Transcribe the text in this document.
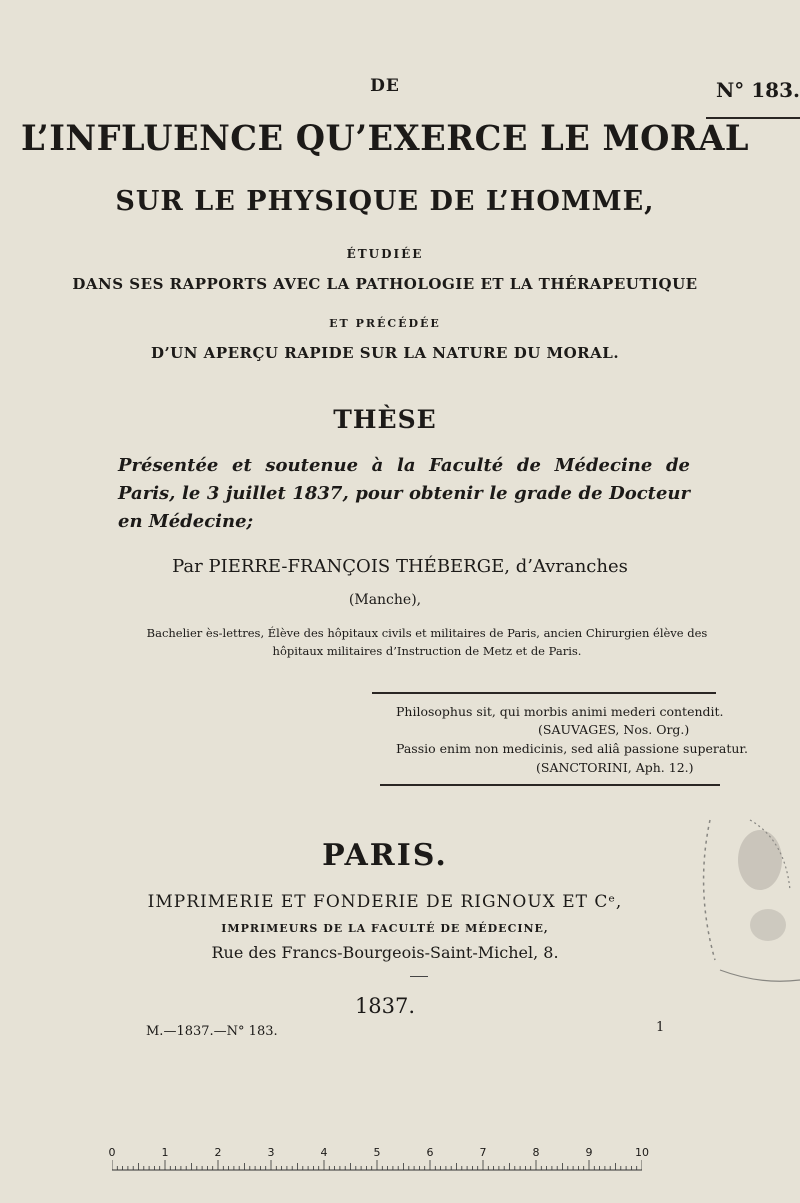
DE	N° 183.
L’INFLUENCE QU’EXERCE LE MORAL
SUR LE PHYSIQUE DE L’HOMME,
ÉTUDIÉE
DANS SES RAPPORTS AVEC LA PATHOLOGIE ET LA THÉRAPEUTIQUE
ET PRÉCÉDÉE
D’UN APERÇU RAPIDE SUR LA NATURE DU MORAL.
THÈSE
Présentée et soutenue à la Faculté de Médecine de Paris, le 3 juillet 1837, pour obtenir le grade de Docteur en Médecine;
Par PIERRE-FRANÇOIS THÉBERGE, d’Avranches
(Manche),
Bachelier ès-lettres, Élève des hôpitaux civils et militaires de Paris, ancien Chirurgien élève des hôpitaux militaires d’Instruction de Metz et de Paris.
Philosophus sit, qui morbis animi mederi contendit.
(SAUVAGES, Nos. Org.)
Passio enim non medicinis, sed aliâ passione superatur.
(SANCTORINI, Aph. 12.)
PARIS.
IMPRIMERIE ET FONDERIE DE RIGNOUX ET Cᵉ,
IMPRIMEURS DE LA FACULTÉ DE MÉDECINE,
Rue des Francs-Bourgeois-Saint-Michel, 8.
1837.
M.—1837.—N° 183.	1
0	1	2	3	4	5	6	7	8	9	10
